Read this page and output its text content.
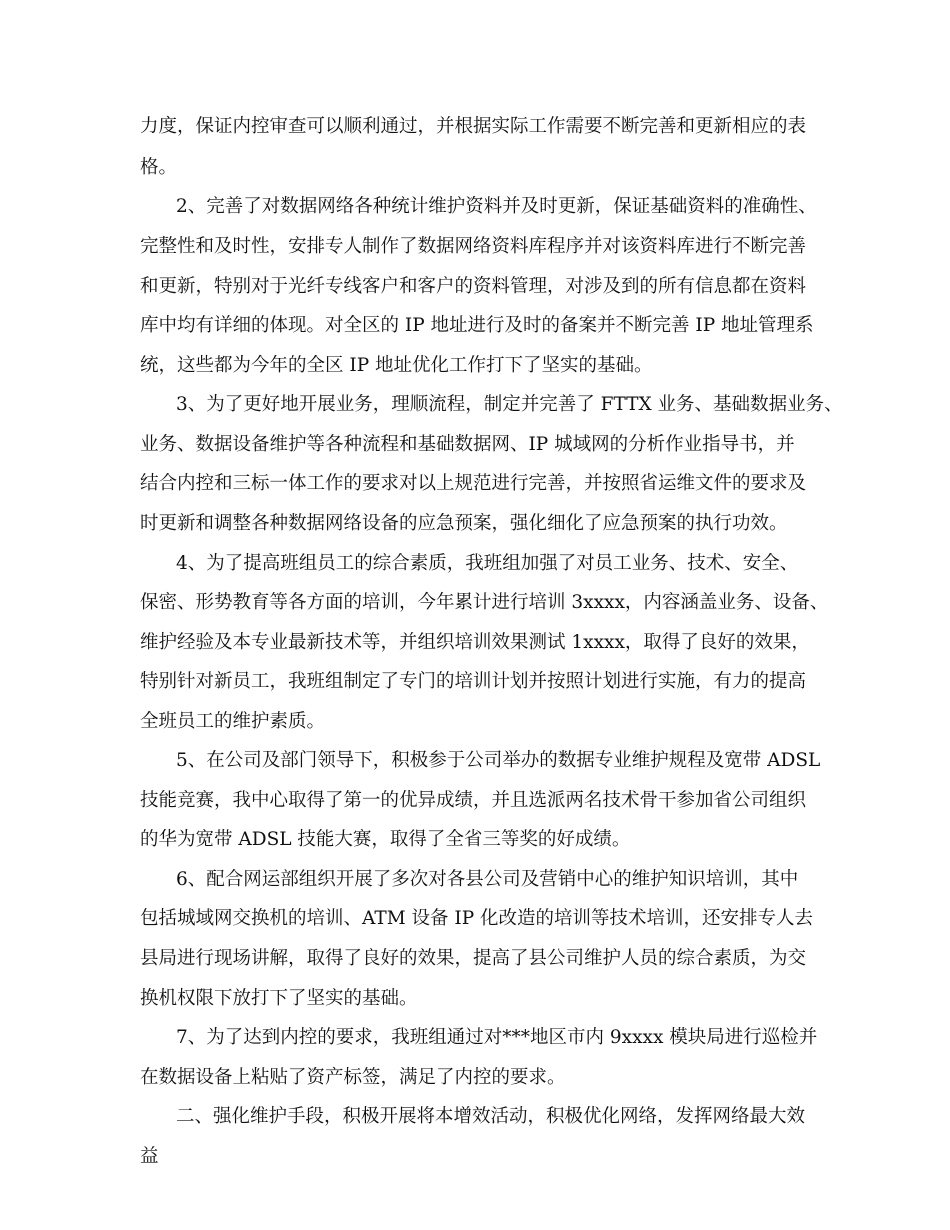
力度，保证内控审查可以顺利通过，并根据实际工作需要不断完善和更新相应的表
格。
2、完善了对数据网络各种统计维护资料并及时更新，保证基础资料的准确性、
完整性和及时性，安排专人制作了数据网络资料库程序并对该资料库进行不断完善
和更新，特别对于光纤专线客户和客户的资料管理，对涉及到的所有信息都在资料
库中均有详细的体现。对全区的 IP 地址进行及时的备案并不断完善 IP 地址管理系
统，这些都为今年的全区 IP 地址优化工作打下了坚实的基础。
3、为了更好地开展业务，理顺流程，制定并完善了 FTTX 业务、基础数据业务、
业务、数据设备维护等各种流程和基础数据网、IP 城域网的分析作业指导书，并
结合内控和三标一体工作的要求对以上规范进行完善，并按照省运维文件的要求及
时更新和调整各种数据网络设备的应急预案，强化细化了应急预案的执行功效。
4、为了提高班组员工的综合素质，我班组加强了对员工业务、技术、安全、
保密、形势教育等各方面的培训，今年累计进行培训 3xxxx，内容涵盖业务、设备、
维护经验及本专业最新技术等，并组织培训效果测试 1xxxx，取得了良好的效果，
特别针对新员工，我班组制定了专门的培训计划并按照计划进行实施，有力的提高
全班员工的维护素质。
5、在公司及部门领导下，积极参于公司举办的数据专业维护规程及宽带 ADSL
技能竞赛，我中心取得了第一的优异成绩，并且选派两名技术骨干参加省公司组织
的华为宽带 ADSL 技能大赛，取得了全省三等奖的好成绩。
6、配合网运部组织开展了多次对各县公司及营销中心的维护知识培训，其中
包括城域网交换机的培训、ATM 设备 IP 化改造的培训等技术培训，还安排专人去
县局进行现场讲解，取得了良好的效果，提高了县公司维护人员的综合素质，为交
换机权限下放打下了坚实的基础。
7、为了达到内控的要求，我班组通过对***地区市内 9xxxx 模块局进行巡检并
在数据设备上粘贴了资产标签，满足了内控的要求。
二、强化维护手段，积极开展将本增效活动，积极优化网络，发挥网络最大效
益
